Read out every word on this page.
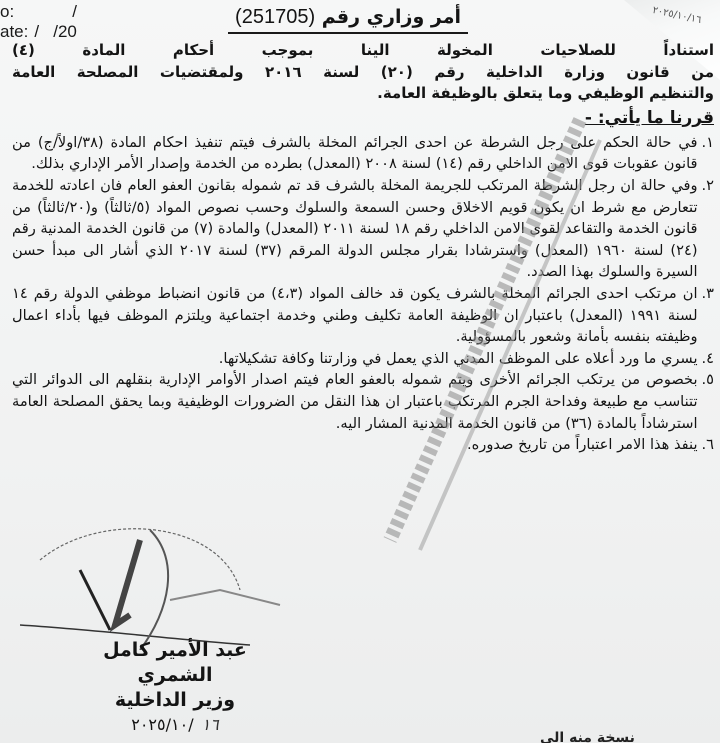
٢٠٢٥/١٠/١٦
o:	/
ate: /   /20
أمر وزاري رقم (251705)

استناداً للصلاحيات المخولة الينا بموجب أحكام المادة (٤)

من قانون وزارة الداخلية رقم (٢٠) لسنة ٢٠١٦ ولمقتضيات المصلحة العامة

والتنظيم الوظيفي وما يتعلق بالوظيفة العامة.

قررنا ما يأتي: -
١.
في حالة الحكم على رجل الشرطة عن احدى الجرائم المخلة بالشرف فيتم تنفيذ احكام المادة (٣٨/اولاً/ج) من قانون عقوبات قوى الامن الداخلي رقم (١٤) لسنة ٢٠٠٨ (المعدل) بطرده من الخدمة وإصدار الأمر الإداري بذلك.
٢.
وفي حالة ان رجل الشرطة المرتكب للجريمة المخلة بالشرف قد تم شموله بقانون العفو العام فان اعادته للخدمة تتعارض مع شرط ان يكون قويم الاخلاق وحسن السمعة والسلوك وحسب نصوص المواد (٥/ثالثاً) و(٢٠/ثالثاً) من قانون الخدمة والتقاعد لقوى الامن الداخلي رقم ١٨ لسنة ٢٠١١ (المعدل) والمادة (٧) من قانون الخدمة المدنية رقم (٢٤) لسنة ١٩٦٠ (المعدل) واسترشادا بقرار مجلس الدولة المرقم (٣٧) لسنة ٢٠١٧ الذي أشار الى مبدأ حسن السيرة والسلوك بهذا الصدد.
٣.
ان مرتكب احدى الجرائم المخلة بالشرف يكون قد خالف المواد (٤،٣) من قانون انضباط موظفي الدولة رقم ١٤ لسنة ١٩٩١ (المعدل) باعتبار ان الوظيفة العامة تكليف وطني وخدمة اجتماعية ويلتزم الموظف فيها بأداء اعمال وظيفته بنفسه بأمانة وشعور بالمسؤولية.
٤.
يسري ما ورد أعلاه على الموظف المدني الذي يعمل في وزارتنا وكافة تشكيلاتها.
٥.
بخصوص من يرتكب الجرائم الأخرى ويتم شموله بالعفو العام فيتم اصدار الأوامر الإدارية بنقلهم الى الدوائر التي تتناسب مع طبيعة وفداحة الجرم المرتكب باعتبار ان هذا النقل من الضرورات الوظيفية وبما يحقق المصلحة العامة استرشاداً بالمادة (٣٦) من قانون الخدمة المدنية المشار اليه.
٦.
ينفذ هذا الامر اعتباراً من تاريخ صدوره.
عبد الأمير كامل الشمري
وزير الداخلية
٢٠٢٥/١٠/ ١٦
نسخة منه الى
